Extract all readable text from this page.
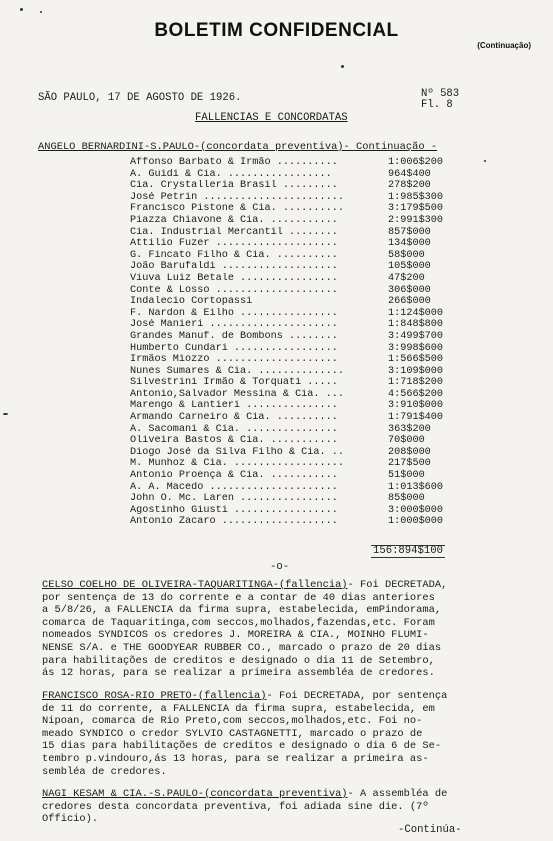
BOLETIM CONFIDENCIAL
(Continuação)
SÃO PAULO, 17 DE AGOSTO DE 1926.	Nº 583
Fl. 8
FALLENCIAS E CONCORDATAS
ANGELO BERNARDINI-S.PAULO-(concordata preventiva)- Continuação -
Affonso Barbato & Irmão ..........	1:006$200
A. Guidi & Cia. .................	964$400
Cia. Crystalleria Brasil .........	278$200
José Petrin .......................	1:985$300
Francisco Pistone & Cia. ..........	3:179$500
Piazza Chiavone & Cia. ...........	2:991$300
Cia. Industrial Mercantil ........	857$000
Attilio Fuzer ....................	134$000
G. Fincato Filho & Cia. ..........	58$000
João Barufaldi ...................	105$000
Viuva Luiz Betale ................	47$200
Conte & Losso ....................	306$000
Indalecio Cortopassi	266$000
F. Nardon & Eilho ................	1:124$000
José Manieri .....................	1:848$800
Grandes Manuf. de Bombons ........	3:499$700
Humberto Cundari .................	3:998$600
Irmãos Miozzo ....................	1:566$500
Nunes Sumares & Cia. ..............	3:109$000
Silvestrini Irmão & Torquati .....	1:718$200
Antonio,Salvador Messina & Cia. ...	4:566$200
Marengo & Lantieri ...............	3:910$000
Armando Carneiro & Cia. ..........	1:791$400
A. Sacomani & Cia. ...............	363$200
Oliveira Bastos & Cia. ...........	70$000
Diogo José da Silva Filho & Cia. ..	208$000
M. Munhoz & Cia. ..................	217$500
Antonio Proença & Cia. ...........	51$000
A. A. Macedo .....................	1:013$600
John O. Mc. Laren ................	85$000
Agostinho Giusti .................	3:000$000
Antonio Zacaro ...................	1:000$000
156:894$100
-o-

CELSO COELHO DE OLIVEIRA-TAQUARITINGA-(fallencia)- Foi DECRETADA,

por sentença de 13 do corrente e a contar de 40 dias anteriores

a 5/8/26, a FALLENCIA da firma supra, estabelecida, emPindorama,

comarca de Taquaritinga,com seccos,molhados,fazendas,etc. Foram

nomeados SYNDICOS os credores J. MOREIRA & CIA., MOINHO FLUMI-

NENSE S/A. e THE GOODYEAR RUBBER CO., marcado o prazo de 20 dias

para habilitações de creditos e designado o dia 11 de Setembro,

ás 12 horas, para se realizar a primeira assembléa de credores.

FRANCISCO ROSA-RIO PRETO-(fallencia)- Foi DECRETADA, por sentença

de 11 do corrente, a FALLENCIA da firma supra, estabelecida, em

Nipoan, comarca de Rio Preto,com seccos,molhados,etc. Foi no-

meado SYNDICO o credor SYLVIO CASTAGNETTI, marcado o prazo de

15 dias para habilitações de creditos e designado o dia 6 de Se-

tembro p.vindouro,ás 13 horas, para se realizar a primeira as-

sembléa de credores.

NAGI KESAM & CIA.-S.PAULO-(concordata preventiva)- A assembléa de

credores desta concordata preventiva, foi adiada sine die. (7º

Officio).

-Continúa-
